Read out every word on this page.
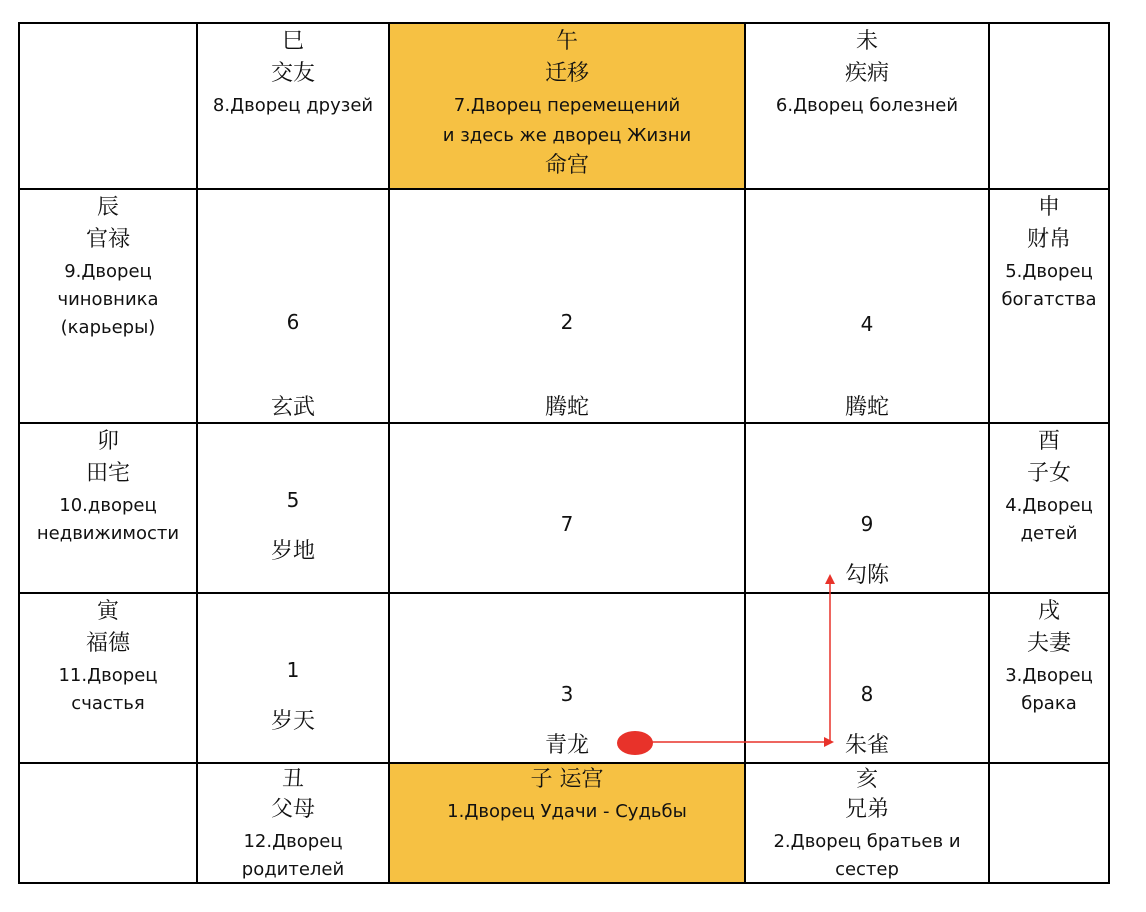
巳
交友
8.Дворец друзей
午
迁移
7.Дворец перемещений
и здесь же дворец Жизни
命宫
未
疾病
6.Дворец болезней
辰
官禄
9.Дворец
чиновника
(карьеры)	6
玄武
2
腾蛇
4
腾蛇
申
财帛
5.Дворец
богатства
卯
田宅
10.дворец
недвижимости
5
岁地
7	9
勾陈
酉
子女
4.Дворец
детей
寅
福德
11.Дворец
счастья
1
岁天
3
青龙
8
朱雀
戌
夫妻
3.Дворец
брака
丑
父母
12.Дворец
родителей
子 运宫
1.Дворец Удачи - Судьбы
亥
兄弟
2.Дворец братьев и
сестер
